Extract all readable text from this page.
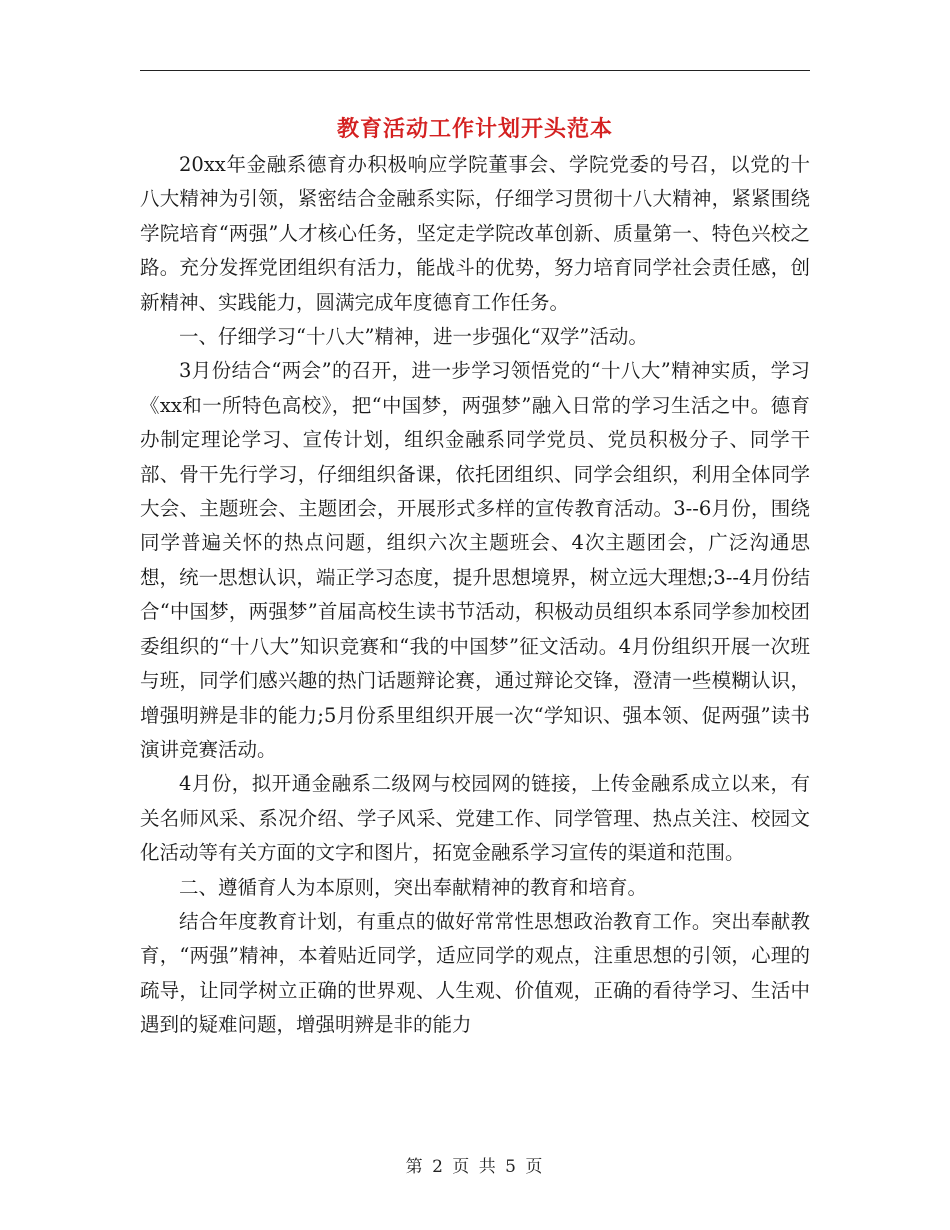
教育活动工作计划开头范本

20xx年金融系德育办积极响应学院董事会、学院党委的号召，以党的十八大精神为引领，紧密结合金融系实际，仔细学习贯彻十八大精神，紧紧围绕学院培育“两强”人才核心任务，坚定走学院改革创新、质量第一、特色兴校之路。充分发挥党团组织有活力，能战斗的优势，努力培育同学社会责任感，创新精神、实践能力，圆满完成年度德育工作任务。

一、仔细学习“十八大”精神，进一步强化“双学”活动。

3月份结合“两会”的召开，进一步学习领悟党的“十八大”精神实质，学习《xx和一所特色高校》，把“中国梦，两强梦”融入日常的学习生活之中。德育办制定理论学习、宣传计划，组织金融系同学党员、党员积极分子、同学干部、骨干先行学习，仔细组织备课，依托团组织、同学会组织，利用全体同学大会、主题班会、主题团会，开展形式多样的宣传教育活动。3--6月份，围绕同学普遍关怀的热点问题，组织六次主题班会、4次主题团会，广泛沟通思想，统一思想认识，端正学习态度，提升思想境界，树立远大理想;3--4月份结合“中国梦，两强梦”首届高校生读书节活动，积极动员组织本系同学参加校团委组织的“十八大”知识竞赛和“我的中国梦”征文活动。4月份组织开展一次班与班，同学们感兴趣的热门话题辩论赛，通过辩论交锋，澄清一些模糊认识，增强明辨是非的能力;5月份系里组织开展一次“学知识、强本领、促两强”读书演讲竞赛活动。

4月份，拟开通金融系二级网与校园网的链接，上传金融系成立以来，有关名师风采、系况介绍、学子风采、党建工作、同学管理、热点关注、校园文化活动等有关方面的文字和图片，拓宽金融系学习宣传的渠道和范围。

二、遵循育人为本原则，突出奉献精神的教育和培育。

结合年度教育计划，有重点的做好常常性思想政治教育工作。突出奉献教育，“两强”精神，本着贴近同学，适应同学的观点，注重思想的引领，心理的疏导，让同学树立正确的世界观、人生观、价值观，正确的看待学习、生活中遇到的疑难问题，增强明辨是非的能力

第 2 页 共 5 页
